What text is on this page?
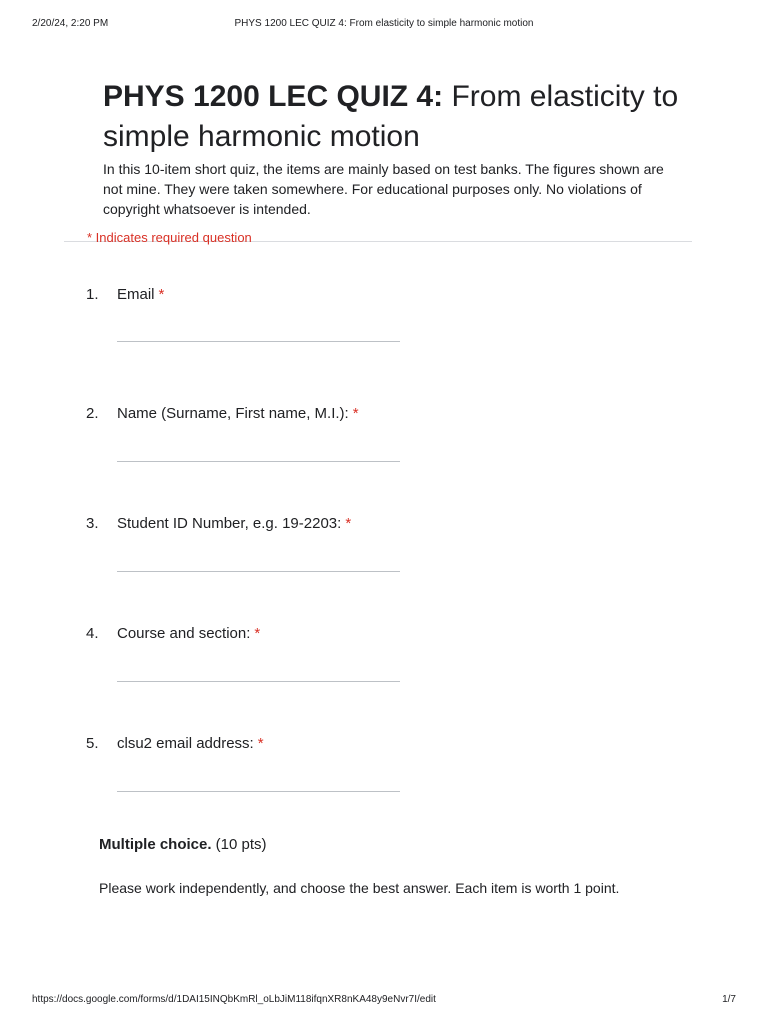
2/20/24, 2:20 PM	PHYS 1200 LEC QUIZ 4: From elasticity to simple harmonic motion
PHYS 1200 LEC QUIZ 4: From elasticity to simple harmonic motion

In this 10-item short quiz, the items are mainly based on test banks. The figures shown are not mine. They were taken somewhere. For educational purposes only. No violations of copyright whatsoever is intended.

* Indicates required question
1. Email *
2. Name (Surname, First name, M.I.): *
3. Student ID Number, e.g. 19-2203: *
4. Course and section: *
5. clsu2 email address: *
Multiple choice. (10 pts)
Please work independently, and choose the best answer. Each item is worth 1 point.
https://docs.google.com/forms/d/1DAI15INQbKmRl_oLbJiM118ifqnXR8nKA48y9eNvr7I/edit	1/7
